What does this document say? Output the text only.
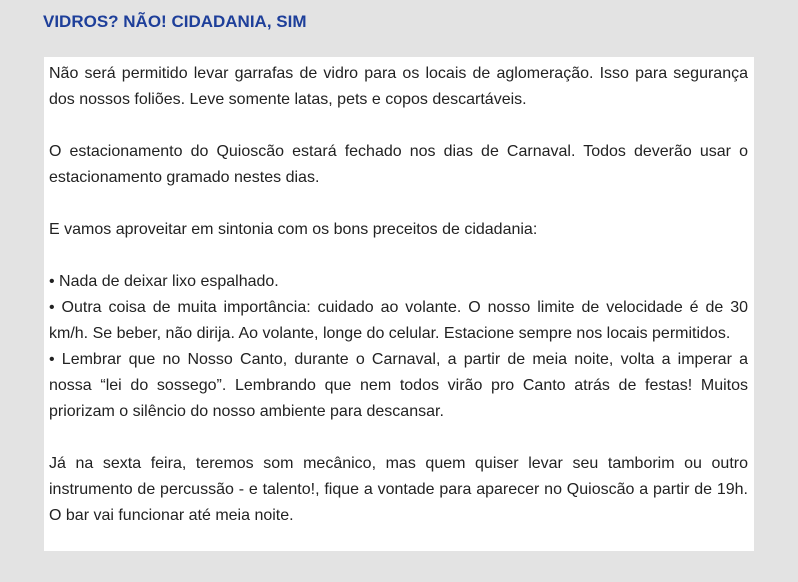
VIDROS? NÃO! CIDADANIA, SIM

Não será permitido levar garrafas de vidro para os locais de aglomeração. Isso para segurança dos nossos foliões. Leve somente latas, pets e copos descartáveis.

O estacionamento do Quioscão estará fechado nos dias de Carnaval. Todos deverão usar o estacionamento gramado nestes dias.

E vamos aproveitar em sintonia com os bons preceitos de cidadania:

• Nada de deixar lixo espalhado.
• Outra coisa de muita importância: cuidado ao volante. O nosso limite de velocidade é de 30 km/h. Se beber, não dirija. Ao volante, longe do celular. Estacione sempre nos locais permitidos.
• Lembrar que no Nosso Canto, durante o Carnaval, a partir de meia noite, volta a imperar a nossa “lei do sossego”. Lembrando que nem todos virão pro Canto atrás de festas! Muitos priorizam o silêncio do nosso ambiente para descansar.

Já na sexta feira, teremos som mecânico, mas quem quiser levar seu tamborim ou outro instrumento de percussão - e talento!, fique a vontade para aparecer no Quioscão a partir de 19h. O bar vai funcionar até meia noite.
